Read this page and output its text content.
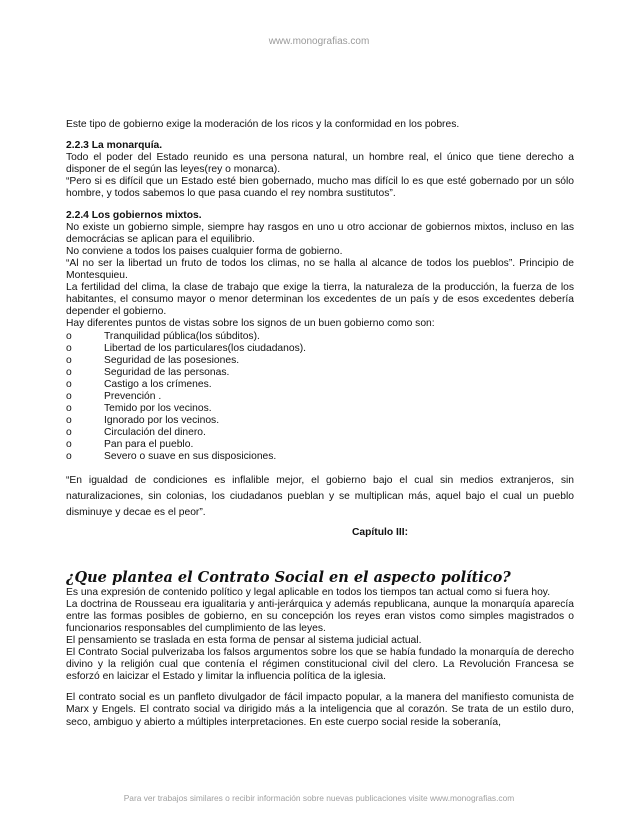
www.monografias.com

Este tipo de gobierno exige la moderación de los ricos y la conformidad en los pobres.

2.2.3 La monarquía.

Todo el poder del Estado reunido es una persona natural, un hombre real, el único que tiene derecho a disponer de el según las leyes(rey o monarca).

“Pero si es difícil que un Estado esté bien gobernado, mucho mas difícil lo es que esté gobernado por un sólo hombre, y todos sabemos lo que pasa cuando el rey nombra sustitutos”.

2.2.4 Los gobiernos mixtos.

No existe un gobierno simple, siempre hay rasgos en uno u otro accionar de gobiernos mixtos, incluso en las democrácias se aplican para el equilibrio.

No conviene a todos los paises cualquier forma de gobierno.

“Al no ser la libertad un fruto de todos los climas, no se halla al alcance de todos los pueblos”. Principio de Montesquieu.

La fertilidad del clima, la clase de trabajo que exige la tierra, la naturaleza de la producción, la fuerza de los habitantes, el consumo mayor o menor determinan los excedentes de un país y de esos excedentes debería depender el gobierno.

Hay diferentes puntos de vistas sobre los signos de un buen gobierno como son:

o	Tranquilidad pública(los súbditos).
o	Libertad de los particulares(los ciudadanos).
o	Seguridad de las posesiones.
o	Seguridad de las personas.
o	Castigo a los crímenes.
o	Prevención .
o	Temido por los vecinos.
o	Ignorado por los vecinos.
o	Circulación del dinero.
o	Pan para el pueblo.
o	Severo o suave en sus disposiciones.

“En igualdad de condiciones es inflalible mejor, el gobierno bajo el cual sin medios extranjeros, sin naturalizaciones, sin colonias, los ciudadanos pueblan y se multiplican más, aquel bajo el cual un pueblo disminuye y decae es el peor”.

Capítulo III:

¿Que plantea el Contrato Social en el aspecto político?

Es una expresión de contenido político y legal aplicable en todos los tiempos tan actual como si fuera hoy.

La doctrina de Rousseau era igualitaria y anti-jerárquica y además republicana, aunque la monarquía aparecía entre las formas posibles de gobierno, en su concepción los reyes eran vistos como simples magistrados o funcionarios responsables del cumplimiento de las leyes.

El pensamiento se traslada en esta forma de pensar al sistema judicial actual.

El Contrato Social pulverizaba los falsos argumentos sobre los que se había fundado la monarquía de derecho divino y la religión cual que contenía el régimen constitucional civil del clero. La Revolución Francesa se esforzó en laicizar el Estado y limitar la influencia política de la iglesia.

El contrato social es un panfleto divulgador de fácil impacto popular, a la manera del manifiesto comunista de Marx y Engels. El contrato social va dirigido más a la inteligencia que al corazón. Se trata de un estilo duro, seco, ambiguo y abierto a múltiples interpretaciones. En este cuerpo social reside la soberanía,

Para ver trabajos similares o recibir información sobre nuevas publicaciones visite www.monografias.com
